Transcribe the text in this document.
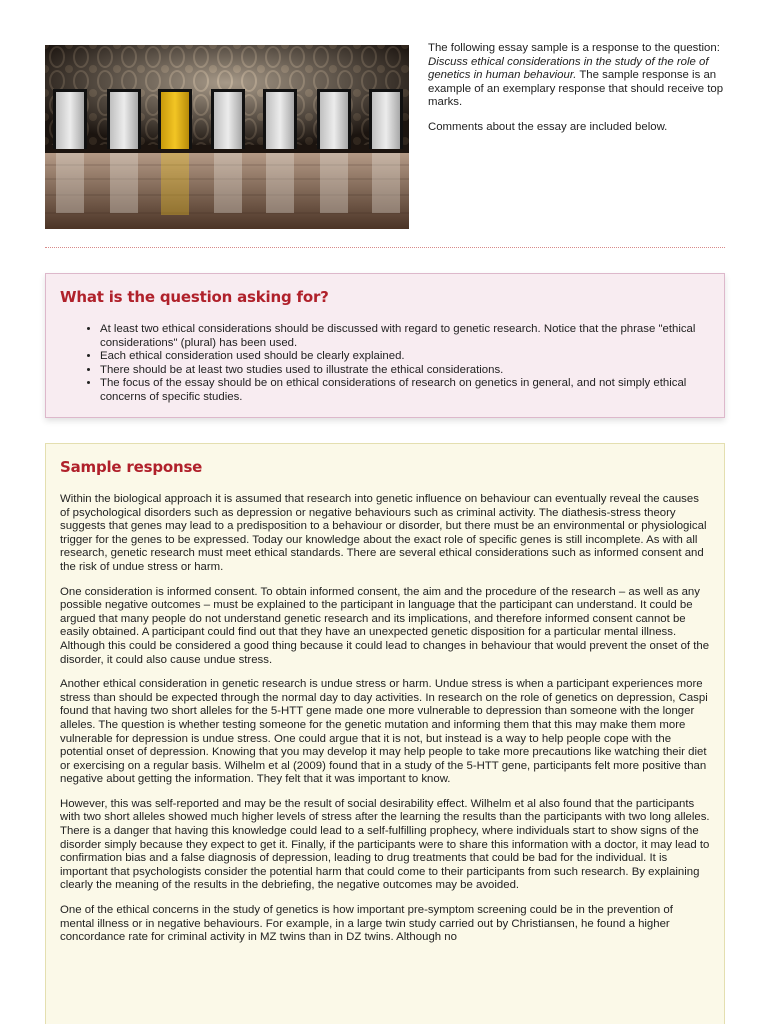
The following essay sample is a response to the question: Discuss ethical considerations in the study of the role of genetics in human behaviour. The sample response is an example of an exemplary response that should receive top marks.

Comments about the essay are included below.

What is the question asking for?
• At least two ethical considerations should be discussed with regard to genetic research. Notice that the phrase "ethical considerations" (plural) has been used.
• Each ethical consideration used should be clearly explained.
• There should be at least two studies used to illustrate the ethical considerations.
• The focus of the essay should be on ethical considerations of research on genetics in general, and not simply ethical concerns of specific studies.
Sample response

Within the biological approach it is assumed that research into genetic influence on behaviour can eventually reveal the causes of psychological disorders such as depression or negative behaviours such as criminal activity. The diathesis-stress theory suggests that genes may lead to a predisposition to a behaviour or disorder, but there must be an environmental or physiological trigger for the genes to be expressed. Today our knowledge about the exact role of specific genes is still incomplete. As with all research, genetic research must meet ethical standards. There are several ethical considerations such as informed consent and the risk of undue stress or harm.

One consideration is informed consent. To obtain informed consent, the aim and the procedure of the research – as well as any possible negative outcomes – must be explained to the participant in language that the participant can understand. It could be argued that many people do not understand genetic research and its implications, and therefore informed consent cannot be easily obtained. A participant could find out that they have an unexpected genetic disposition for a particular mental illness. Although this could be considered a good thing because it could lead to changes in behaviour that would prevent the onset of the disorder, it could also cause undue stress.

Another ethical consideration in genetic research is undue stress or harm. Undue stress is when a participant experiences more stress than should be expected through the normal day to day activities. In research on the role of genetics on depression, Caspi found that having two short alleles for the 5-HTT gene made one more vulnerable to depression than someone with the longer alleles. The question is whether testing someone for the genetic mutation and informing them that this may make them more vulnerable for depression is undue stress. One could argue that it is not, but instead is a way to help people cope with the potential onset of depression. Knowing that you may develop it may help people to take more precautions like watching their diet or exercising on a regular basis. Wilhelm et al (2009) found that in a study of the 5-HTT gene, participants felt more positive than negative about getting the information. They felt that it was important to know.

However, this was self-reported and may be the result of social desirability effect. Wilhelm et al also found that the participants with two short alleles showed much higher levels of stress after the learning the results than the participants with two long alleles. There is a danger that having this knowledge could lead to a self-fulfilling prophecy, where individuals start to show signs of the disorder simply because they expect to get it. Finally, if the participants were to share this information with a doctor, it may lead to confirmation bias and a false diagnosis of depression, leading to drug treatments that could be bad for the individual. It is important that psychologists consider the potential harm that could come to their participants from such research. By explaining clearly the meaning of the results in the debriefing, the negative outcomes may be avoided.

One of the ethical concerns in the study of genetics is how important pre-symptom screening could be in the prevention of mental illness or in negative behaviours. For example, in a large twin study carried out by Christiansen, he found a higher concordance rate for criminal activity in MZ twins than in DZ twins. Although no
